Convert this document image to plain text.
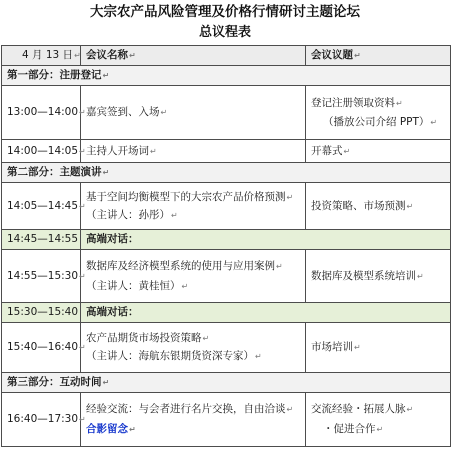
大宗农产品风险管理及价格行情研讨主题论坛
总议程表
4 月 13 日↵	会议名称↵	会议议题↵
第一部分：注册登记↵		
13:00—14:00↵	嘉宾签到、入场↵	登记注册领取资料↵
（播放公司介绍 PPT）↵

14:00—14:05↵	主持人开场词↵	开幕式↵
第二部分：主题演讲↵		
14:05—14:45↵	基于空间均衡模型下的大宗农产品价格预测↵
（主讲人：孙彤）↵	投资策略、市场预测↵
14:45—14:55	高端对话：	
14:55—15:30↵	数据库及经济模型系统的使用与应用案例↵
（主讲人：黄桂恒）↵	数据库及模型系统培训↵
15:30—15:40	高端对话：	
15:40—16:40↵	农产品期货市场投资策略↵
（主讲人：海航东银期货资深专家）↵	市场培训↵
第三部分：互动时间↵		
16:40—17:30↵	经验交流：与会者进行名片交换，自由洽谈↵
合影留念↵	交流经验・拓展人脉↵
・促进合作↵
